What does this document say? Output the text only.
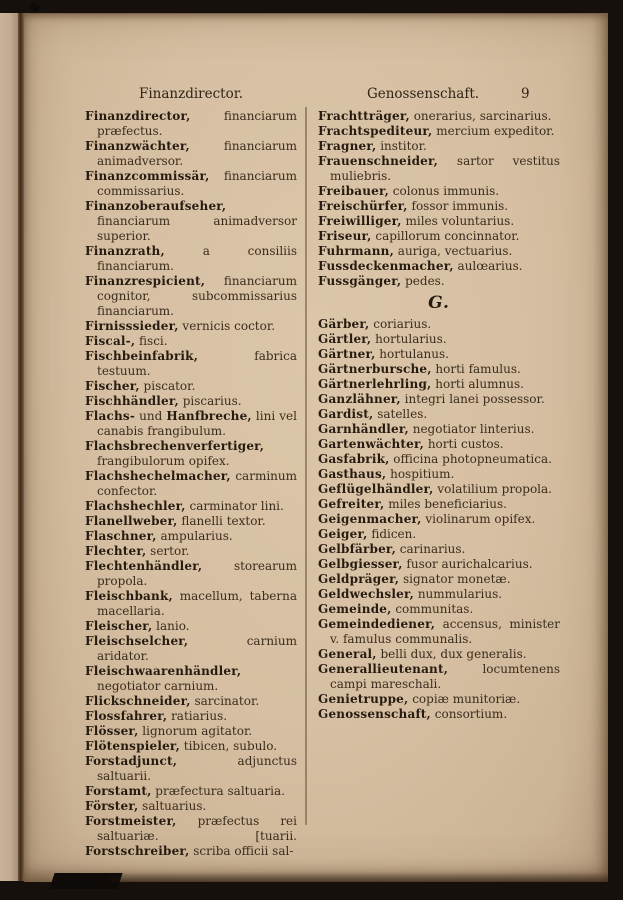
Finanzdirector.	Genossenschaft.	9
Finanzdirector, financiarum præfectus.
Finanzwächter, financiarum animadversor.
Finanzcommissär, financiarum commissarius.
Finanzoberaufseher, financiarum animadversor superior.
Finanzrath, a consiliis financiarum.
Finanzrespicient, financiarum cognitor, subcommissarius financiarum.
Firnisssieder, vernicis coctor.
Fiscal-, fisci.
Fischbeinfabrik, fabrica testuum.
Fischer, piscator.
Fischhändler, piscarius.
Flachs- und Hanfbreche, lini vel canabis frangibulum.
Flachsbrechenverfertiger, frangibulorum opifex.
Flachshechelmacher, carminum confector.
Flachshechler, carminator lini.
Flanellweber, flanelli textor.
Flaschner, ampularius.
Flechter, sertor.
Flechtenhändler, storearum propola.
Fleischbank, macellum, taberna macellaria.
Fleischer, lanio.
Fleischselcher, carnium aridator.
Fleischwaarenhändler, negotiator carnium.
Flickschneider, sarcinator.
Flossfahrer, ratiarius.
Flösser, lignorum agitator.
Flötenspieler, tibicen, subulo.
Forstadjunct, adjunctus saltuarii.
Forstamt, præfectura saltuaria.
Förster, saltuarius.
Forstmeister, præfectus rei saltuariæ.	[tuarii.
Forstschreiber, scriba officii sal-
Frachtträger, onerarius, sarcinarius.
Frachtspediteur, mercium expeditor.
Fragner, institor.
Frauenschneider, sartor vestitus muliebris.
Freibauer, colonus immunis.
Freischürfer, fossor immunis.
Freiwilliger, miles voluntarius.
Friseur, capillorum concinnator.
Fuhrmann, auriga, vectuarius.
Fussdeckenmacher, aulœarius.
Fussgänger, pedes.
G.
Gärber, coriarius.
Gärtler, hortularius.
Gärtner, hortulanus.
Gärtnerbursche, horti famulus.
Gärtnerlehrling, horti alumnus.
Ganzlähner, integri lanei possessor.
Gardist, satelles.
Garnhändler, negotiator linterius.
Gartenwächter, horti custos.
Gasfabrik, officina photopneumatica.
Gasthaus, hospitium.
Geflügelhändler, volatilium propola.
Gefreiter, miles beneficiarius.
Geigenmacher, violinarum opifex.
Geiger, fidicen.
Gelbfärber, carinarius.
Gelbgiesser, fusor aurichalcarius.
Geldpräger, signator monetæ.
Geldwechsler, nummularius.
Gemeinde, communitas.
Gemeindediener, accensus, minister v. famulus communalis.
General, belli dux, dux generalis.
Generallieutenant, locumtenens campi mareschali.
Genietruppe, copiæ munitoriæ.
Genossenschaft, consortium.
